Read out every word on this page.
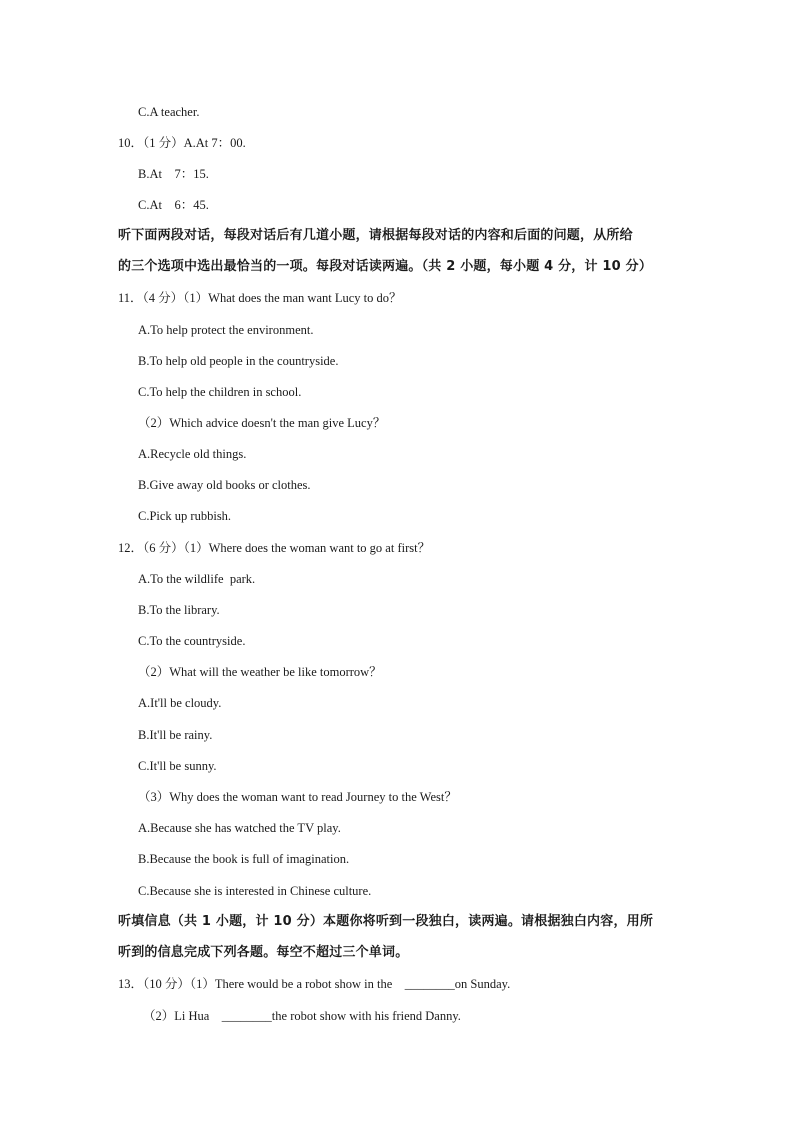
C.A teacher.
10．（1 分）A.At 7：00.
B.At    7：15.
C.At    6：45.
听下面两段对话，每段对话后有几道小题，请根据每段对话的内容和后面的问题，从所给
的三个选项中选出最恰当的一项。每段对话读两遍。（共 2 小题，每小题 4 分，计 10 分）
11．（4 分）（1）What does the man want Lucy to do？
A.To help protect the environment.
B.To help old people in the countryside.
C.To help the children in school.
（2）Which advice doesn't the man give Lucy？
A.Recycle old things.
B.Give away old books or clothes.
C.Pick up rubbish.
12．（6 分）（1）Where does the woman want to go at first？
A.To the wildlife  park.
B.To the library.
C.To the countryside.
（2）What will the weather be like tomorrow？
A.It'll be cloudy.
B.It'll be rainy.
C.It'll be sunny.
（3）Why does the woman want to read Journey to the West？
A.Because she has watched the TV play.
B.Because the book is full of imagination.
C.Because she is interested in Chinese culture.
听填信息（共 1 小题，计 10 分）本题你将听到一段独白，读两遍。请根据独白内容，用所
听到的信息完成下列各题。每空不超过三个单词。
13．（10 分）（1）There would be a robot show in the    ________on Sunday.
（2）Li Hua    ________the robot show with his friend Danny.
